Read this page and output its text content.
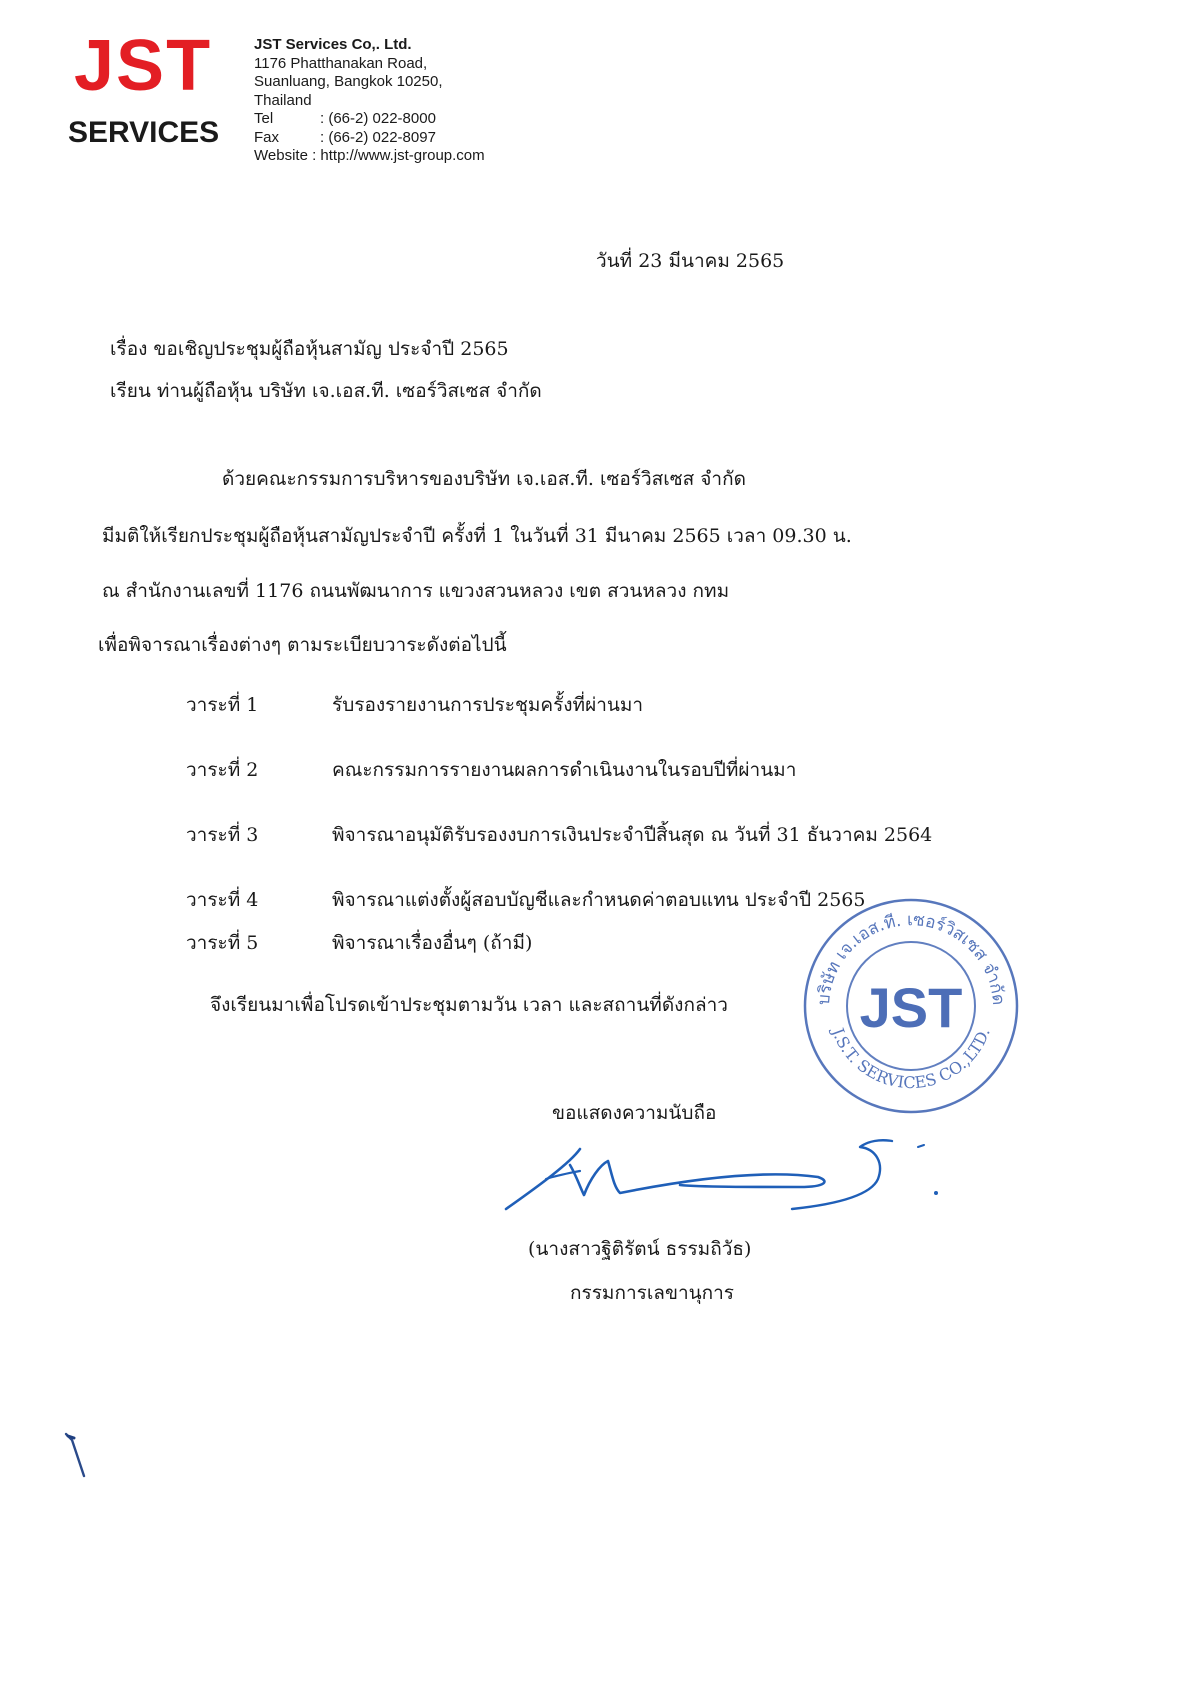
JST
SERVICES
JST Services Co,. Ltd.
1176 Phatthanakan Road,
Suanluang, Bangkok 10250,
Thailand
Tel	: (66-2) 022-8000
Fax	: (66-2) 022-8097
Website : http://www.jst-group.com
วันที่ 23 มีนาคม 2565
เรื่อง ขอเชิญประชุมผู้ถือหุ้นสามัญ ประจำปี 2565
เรียน ท่านผู้ถือหุ้น บริษัท เจ.เอส.ที. เซอร์วิสเซส จำกัด
ด้วยคณะกรรมการบริหารของบริษัท เจ.เอส.ที. เซอร์วิสเซส จำกัด
มีมติให้เรียกประชุมผู้ถือหุ้นสามัญประจำปี ครั้งที่ 1 ในวันที่ 31 มีนาคม 2565 เวลา 09.30 น.
ณ สำนักงานเลขที่ 1176 ถนนพัฒนาการ แขวงสวนหลวง เขต สวนหลวง กทม
เพื่อพิจารณาเรื่องต่างๆ ตามระเบียบวาระดังต่อไปนี้
วาระที่ 1	รับรองรายงานการประชุมครั้งที่ผ่านมา
วาระที่ 2	คณะกรรมการรายงานผลการดำเนินงานในรอบปีที่ผ่านมา
วาระที่ 3	พิจารณาอนุมัติรับรองงบการเงินประจำปีสิ้นสุด ณ วันที่ 31 ธันวาคม 2564
วาระที่ 4	พิจารณาแต่งตั้งผู้สอบบัญชีและกำหนดค่าตอบแทน ประจำปี 2565
วาระที่ 5	พิจารณาเรื่องอื่นๆ (ถ้ามี)
จึงเรียนมาเพื่อโปรดเข้าประชุมตามวัน เวลา และสถานที่ดังกล่าว	บริษัท เจ.เอส.ที. เซอร์วิสเซส จำกัด
J.S.T. SERVICES CO.,LTD.
JST
ขอแสดงความนับถือ
(นางสาวฐิติรัตน์ ธรรมถิวัธ)
กรรมการเลขานุการ
